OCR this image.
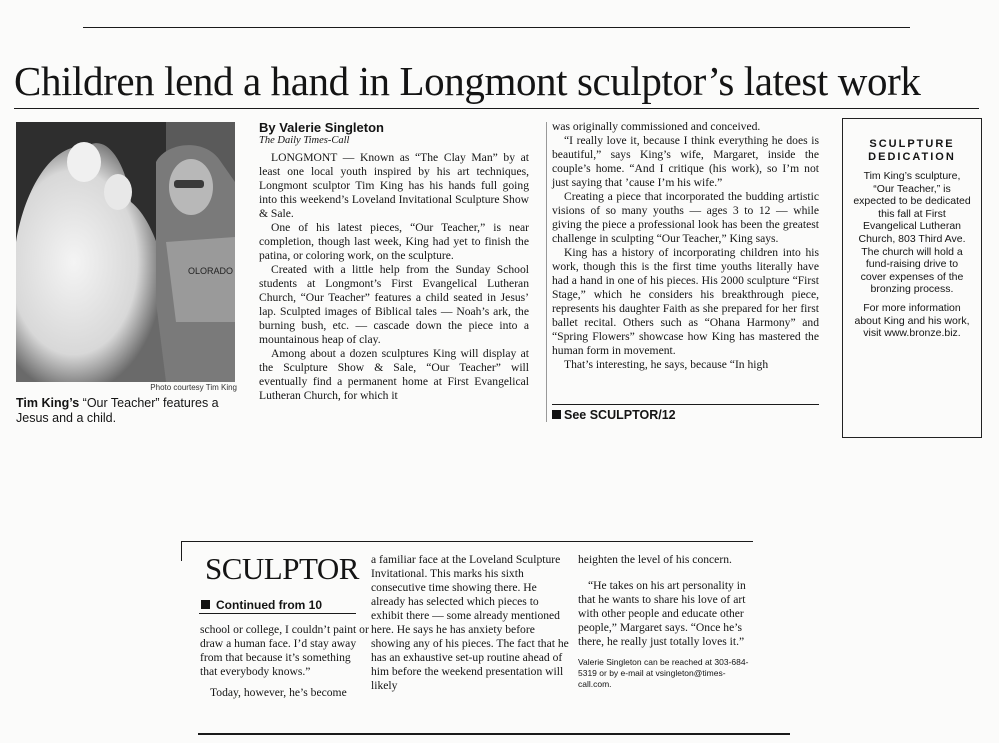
Children lend a hand in Longmont sculptor’s latest work
OLORADO
Photo courtesy Tim King
Tim King’s “Our Teacher” features a Jesus and a child.
By Valerie Singleton
The Daily Times-Call

LONGMONT — Known as “The Clay Man” by at least one local youth inspired by his art techniques, Longmont sculptor Tim King has his hands full going into this weekend’s Loveland Invitational Sculpture Show & Sale.

One of his latest pieces, “Our Teacher,” is near completion, though last week, King had yet to finish the patina, or coloring work, on the sculpture.

Created with a little help from the Sunday School students at Longmont’s First Evangelical Lutheran Church, “Our Teacher” features a child seated in Jesus’ lap. Sculpted images of Biblical tales — Noah’s ark, the burning bush, etc. — cascade down the piece into a mountainous heap of clay.

Among about a dozen sculptures King will display at the Sculpture Show & Sale, “Our Teacher” will eventually find a permanent home at First Evangelical Lutheran Church, for which it

was originally commissioned and conceived.

“I really love it, because I think everything he does is beautiful,” says King’s wife, Margaret, inside the couple’s home. “And I critique (his work), so I’m not just saying that ’cause I’m his wife.”

Creating a piece that incorporated the budding artistic visions of so many youths — ages 3 to 12 — while giving the piece a professional look has been the greatest challenge in sculpting “Our Teacher,” King says.

King has a history of incorporating children into his work, though this is the first time youths literally have had a hand in one of his pieces. His 2000 sculpture “First Stage,” which he considers his breakthrough piece, represents his daughter Faith as she prepared for her first ballet recital. Others such as “Ohana Harmony” and “Spring Flowers” showcase how King has mastered the human form in movement.

That’s interesting, he says, because “In high

See SCULPTOR/12
SCULPTURE
DEDICATION

Tim King’s sculpture, “Our Teacher,” is expected to be dedicated this fall at First Evangelical Lutheran Church, 803 Third Ave. The church will hold a fund-raising drive to cover expenses of the bronzing process.

For more information about King and his work, visit www.bronze.biz.

SCULPTOR
Continued from 10

school or college, I couldn’t paint or draw a human face. I’d stay away from that because it’s something that everybody knows.”

Today, however, he’s become

a familiar face at the Loveland Sculpture Invitational. This marks his sixth consecutive time showing there. He already has selected which pieces to exhibit there — some already mentioned here. He says he has anxiety before showing any of his pieces. The fact that he has an exhaustive set-up routine ahead of him before the weekend presentation will likely

heighten the level of his concern.

“He takes on his art personality in that he wants to share his love of art with other people and educate other people,” Margaret says. “Once he’s there, he really just totally loves it.”

Valerie Singleton can be reached at 303-684-5319 or by e-mail at vsingleton@times-call.com.
